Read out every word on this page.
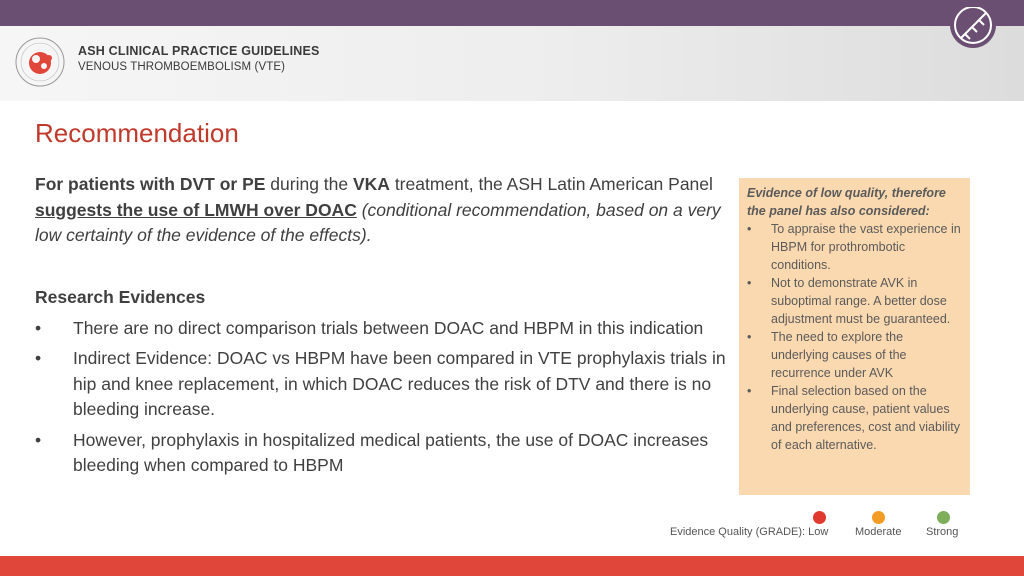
ASH CLINICAL PRACTICE GUIDELINES
VENOUS THROMBOEMBOLISM (VTE)
Recommendation
For patients with DVT or PE during the VKA treatment, the ASH Latin American Panel suggests the use of LMWH over DOAC (conditional recommendation, based on a very low certainty of the evidence of the effects).
Research Evidences
• There are no direct comparison trials between DOAC and HBPM in this indication
• Indirect Evidence: DOAC vs HBPM have been compared in VTE prophylaxis trials in hip and knee replacement, in which DOAC reduces the risk of DTV and there is no bleeding increase.
• However, prophylaxis in hospitalized medical patients, the use of DOAC increases bleeding when compared to HBPM
Evidence of low quality, therefore the panel has also considered:
• To appraise the vast experience in HBPM for prothrombotic conditions.
• Not to demonstrate AVK in suboptimal range. A better dose adjustment must be guaranteed.
• The need to explore the underlying causes of the recurrence under AVK
• Final selection based on the underlying cause, patient values and preferences, cost and viability of each alternative.
Evidence Quality (GRADE): Low Moderate Strong
